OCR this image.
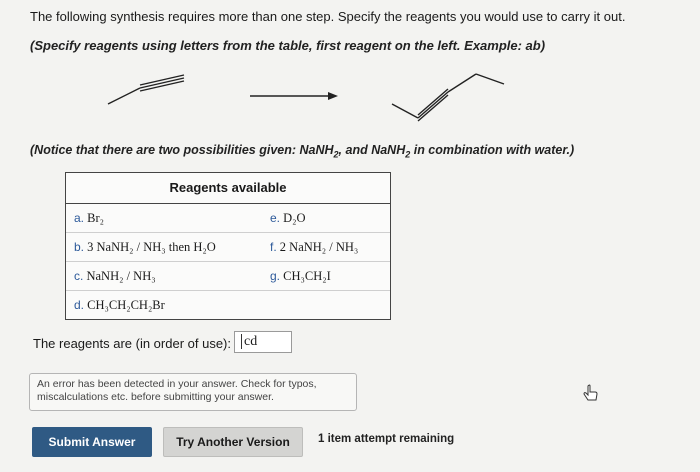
The following synthesis requires more than one step. Specify the reagents you would use to carry it out.
(Specify reagents using letters from the table, first reagent on the left. Example: ab)
(Notice that there are two possibilities given: NaNH$_2$, and NaNH$_2$ in combination with water.)
Reagents available
a. Br₂	e. D₂O
b. 3 NaNH₂ / NH₃ then H₂O	f. 2 NaNH₂ / NH₃
c. NaNH₂ / NH₃	g. CH₃CH₂I
d. CH₃CH₂CH₂Br	
The reagents are (in order of use): cd
An error has been detected in your answer. Check for typos, miscalculations etc. before submitting your answer.
Submit Answer	Try Another Version	1 item attempt remaining
